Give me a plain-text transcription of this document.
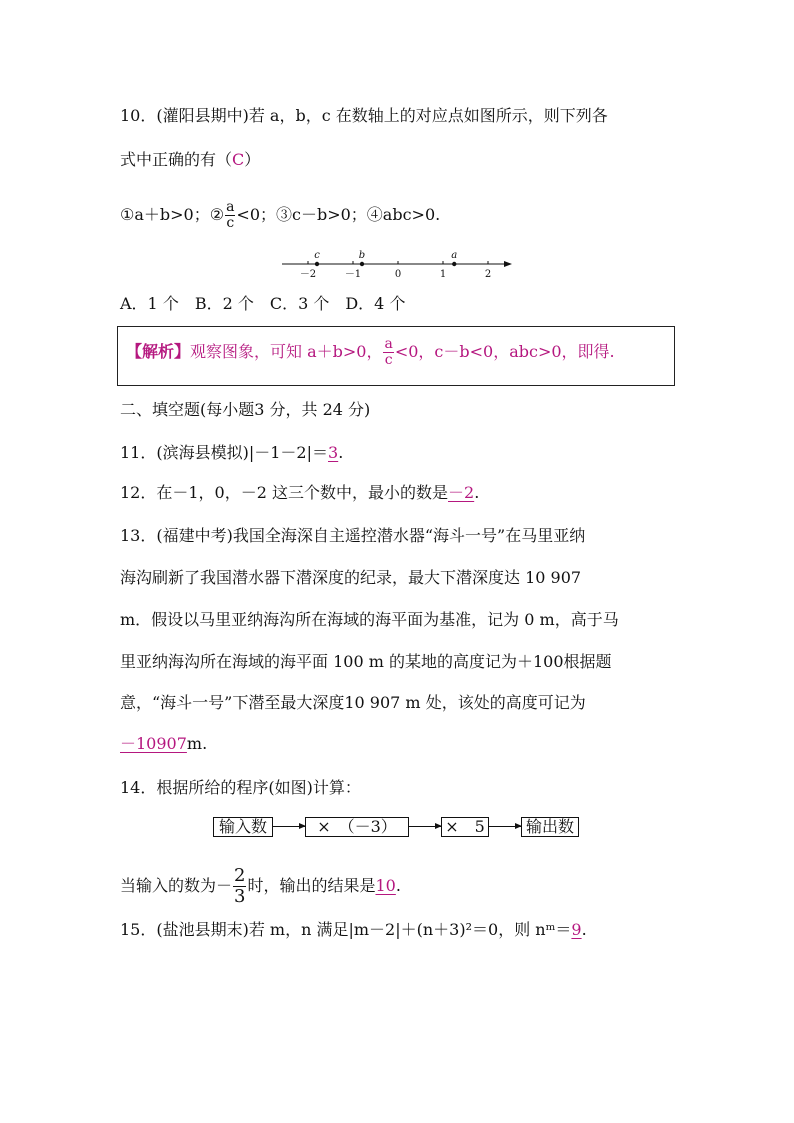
10．(灌阳县期中)若 a，b，c 在数轴上的对应点如图所示，则下列各
式中正确的有（C）
①a＋b>0；② $\frac{a}{c} <0$；③c－b>0；④abc>0.
－2	－1	0	1	2
c	b	a
A．1 个　B．2 个　C．3 个　D．4 个
【解析】观察图象，可知 a＋b>0， $\frac{a}{c} <0$，c－b<0，abc>0，即得.
二、填空题(每小题3 分，共 24 分)
11．(滨海县模拟)|－1－2|＝3.
12．在－1，0，－2 这三个数中，最小的数是－2.
13．(福建中考)我国全海深自主遥控潜水器“海斗一号”在马里亚纳
海沟刷新了我国潜水器下潜深度的纪录，最大下潜深度达 10 907
m．假设以马里亚纳海沟所在海域的海平面为基准，记为 0 m，高于马
里亚纳海沟所在海域的海平面 100 m 的某地的高度记为＋100根据题
意，“海斗一号”下潜至最大深度10 907 m 处，该处的高度可记为
－10907m.
14．根据所给的程序(如图)计算：
输入数	×　（－3）	×　5	输出数
当输入的数为－ $\frac{2}{3}$ 时，输出的结果是10.
15．(盐池县期末)若 m，n 满足|m－2|＋(n＋3)²＝0，则 nᵐ＝9.
